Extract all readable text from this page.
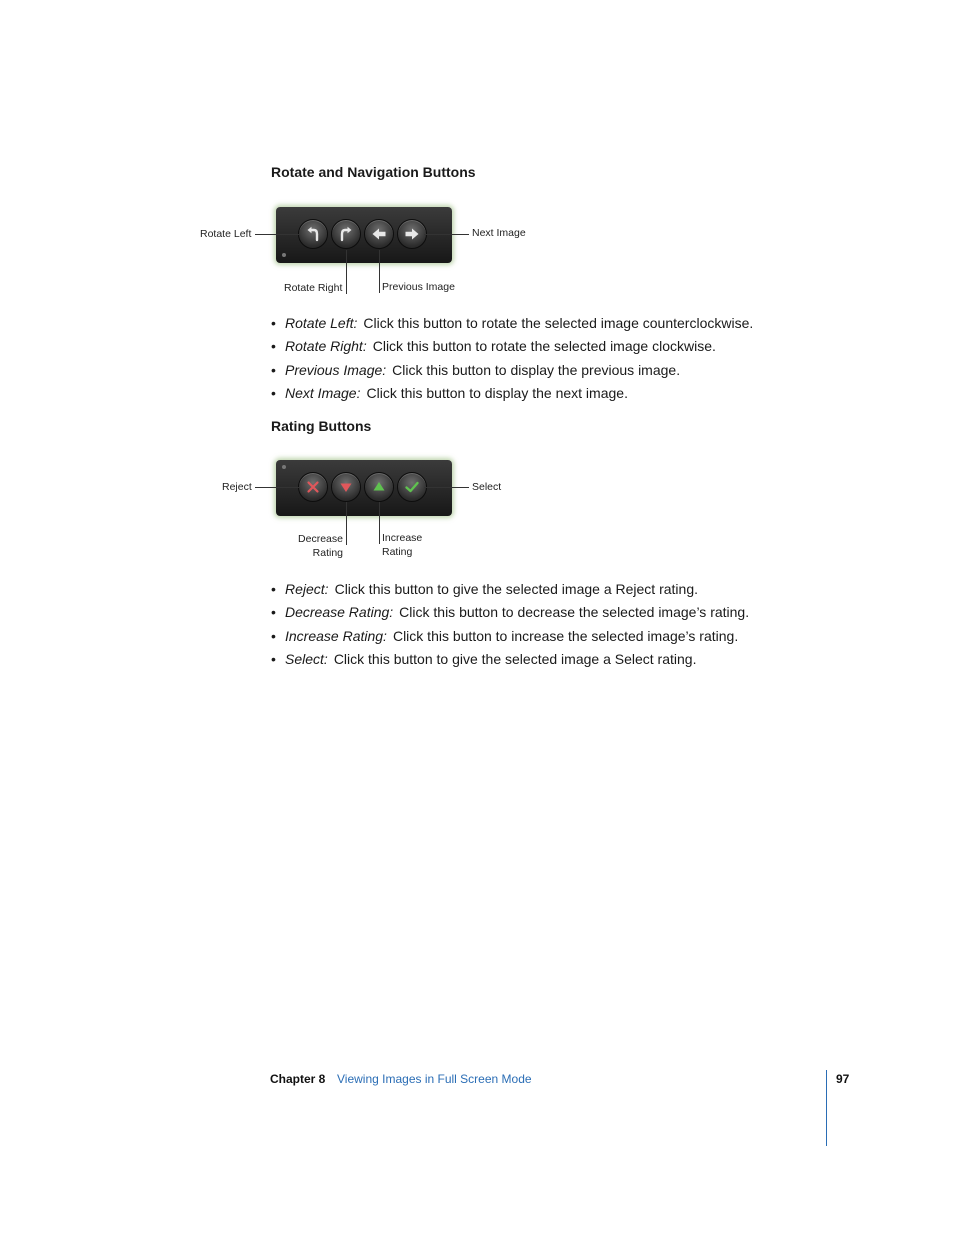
Rotate and Navigation Buttons
Rotate Left	Next Image
Rotate Right	Previous Image
• Rotate Left: Click this button to rotate the selected image counterclockwise.
• Rotate Right: Click this button to rotate the selected image clockwise.
• Previous Image: Click this button to display the previous image.
• Next Image: Click this button to display the next image.
Rating Buttons
Reject	Select
Decrease
Rating
Increase
Rating
• Reject: Click this button to give the selected image a Reject rating.
• Decrease Rating: Click this button to decrease the selected image’s rating.
• Increase Rating: Click this button to increase the selected image’s rating.
• Select: Click this button to give the selected image a Select rating.
Chapter 8 Viewing Images in Full Screen Mode	97
